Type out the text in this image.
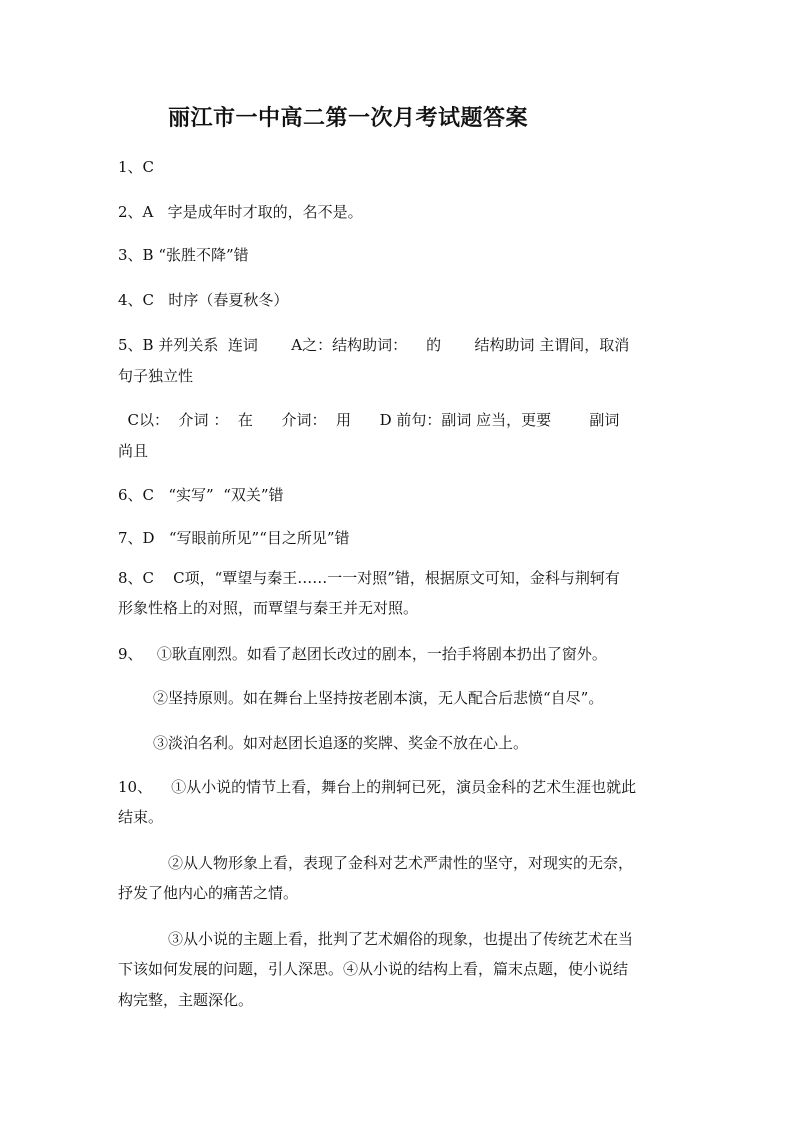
丽江市一中高二第一次月考试题答案
1、C
2、A   字是成年时才取的，名不是。
3、B “张胜不降”错
4、C   时序（春夏秋冬）
5、B 并列关系  连词       A之：结构助词：    的       结构助词 主谓间，取消
句子独立性
C以：  介词 ：  在      介词：  用      D 前句：副词 应当，更要        副词
尚且
6、C   “实写”  “双关”错
7、D   “写眼前所见”“目之所见”错
8、C    C项，“覃望与秦王……一一对照”错，根据原文可知，金科与荆轲有
形象性格上的对照，而覃望与秦王并无对照。
9、   ①耿直刚烈。如看了赵团长改过的剧本，一抬手将剧本扔出了窗外。
②坚持原则。如在舞台上坚持按老剧本演，无人配合后悲愤“自尽”。
③淡泊名利。如对赵团长追逐的奖牌、奖金不放在心上。
10、    ①从小说的情节上看，舞台上的荆轲已死，演员金科的艺术生涯也就此
结束。
②从人物形象上看，表现了金科对艺术严肃性的坚守，对现实的无奈，
抒发了他内心的痛苦之情。
③从小说的主题上看，批判了艺术媚俗的现象，也提出了传统艺术在当
下该如何发展的问题，引人深思。④从小说的结构上看，篇末点题，使小说结
构完整，主题深化。
